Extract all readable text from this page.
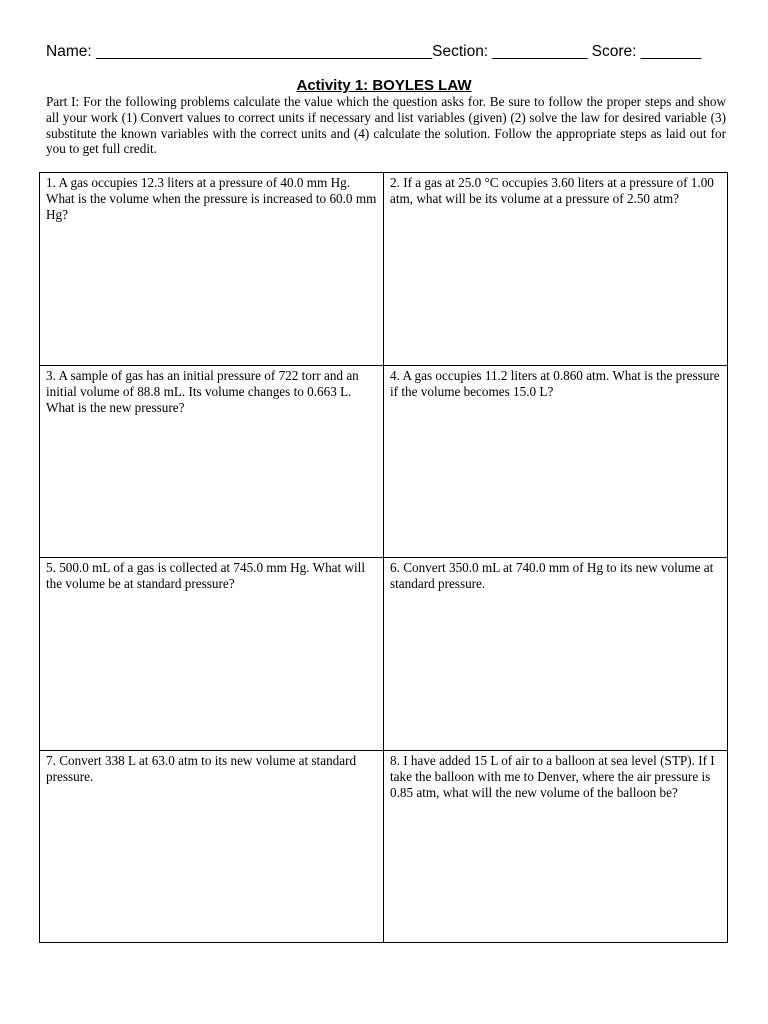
Name: _______________________________________Section: ___________ Score: _______
Activity 1: BOYLES LAW
Part I: For the following problems calculate the value which the question asks for. Be sure to follow the proper steps and show all your work (1) Convert values to correct units if necessary and list variables (given) (2) solve the law for desired variable (3) substitute the known variables with the correct units and (4) calculate the solution. Follow the appropriate steps as laid out for you to get full credit.
1. A gas occupies 12.3 liters at a pressure of 40.0 mm Hg. What is the volume when the pressure is increased to 60.0 mm Hg?
2. If a gas at 25.0 °C occupies 3.60 liters at a pressure of 1.00 atm, what will be its volume at a pressure of 2.50 atm?
3. A sample of gas has an initial pressure of 722 torr and an initial volume of 88.8 mL. Its volume changes to 0.663 L. What is the new pressure?
4. A gas occupies 11.2 liters at 0.860 atm. What is the pressure if the volume becomes 15.0 L?
5. 500.0 mL of a gas is collected at 745.0 mm Hg. What will the volume be at standard pressure?
6. Convert 350.0 mL at 740.0 mm of Hg to its new volume at standard pressure.
7. Convert 338 L at 63.0 atm to its new volume at standard pressure.
8. I have added 15 L of air to a balloon at sea level (STP). If I take the balloon with me to Denver, where the air pressure is 0.85 atm, what will the new volume of the balloon be?
